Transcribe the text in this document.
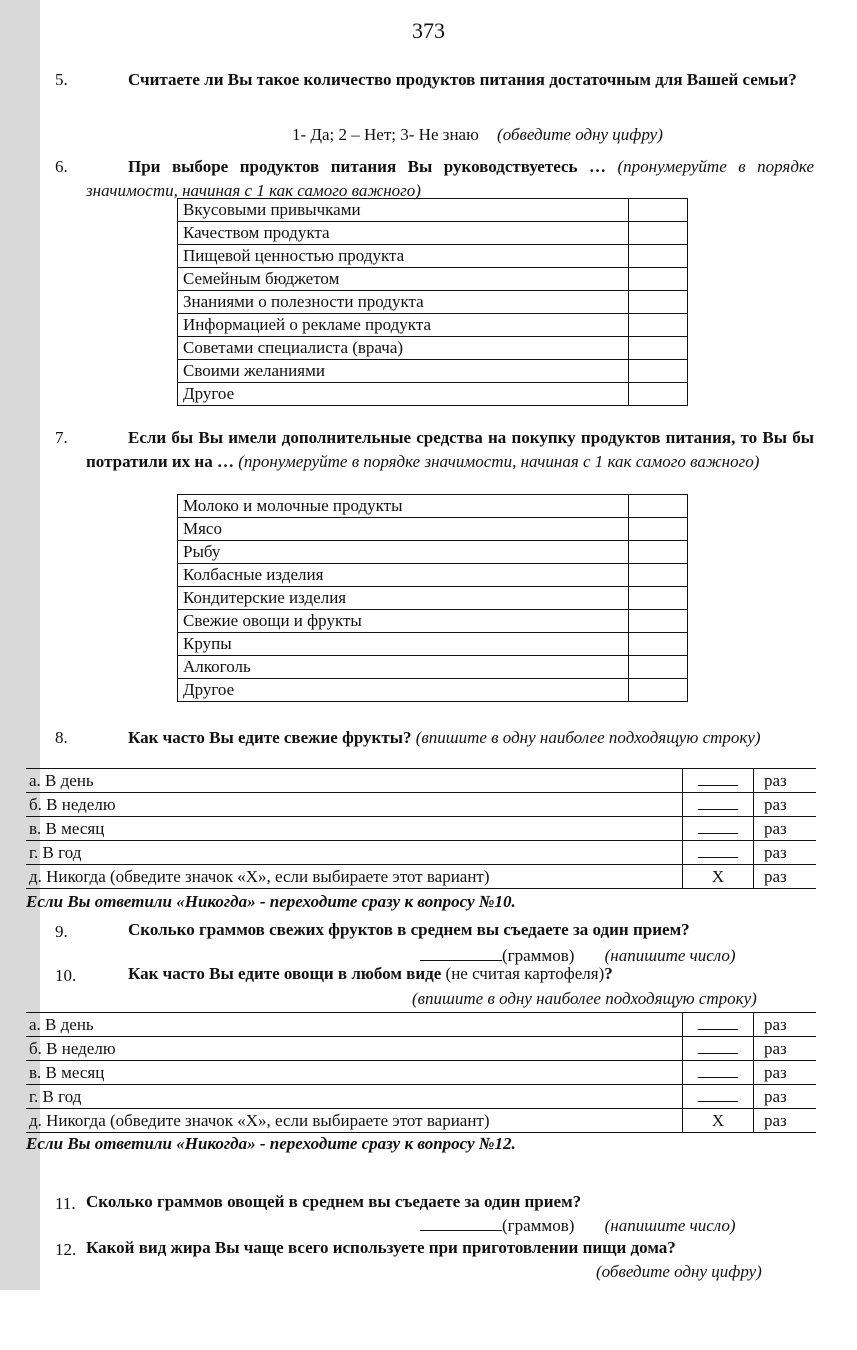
373
5.	Считаете ли Вы такое количество продуктов питания достаточным для Вашей семьи?
1- Да; 2 – Нет; 3- Не знаю (обведите одну цифру)
6.	При выборе продуктов питания Вы руководствуетесь … (пронумеруйте в порядке значимости, начиная с 1 как самого важного)
Вкусовыми привычками	
Качеством продукта	
Пищевой ценностью продукта	
Семейным бюджетом	
Знаниями о полезности продукта	
Информацией о рекламе продукта	
Советами специалиста (врача)	
Своими желаниями	
Другое	
7.	Если бы Вы имели дополнительные средства на покупку продуктов питания, то Вы бы потратили их на … (пронумеруйте в порядке значимости, начиная с 1 как самого важного)
Молоко и молочные продукты	
Мясо	
Рыбу	
Колбасные изделия	
Кондитерские изделия	
Свежие овощи и фрукты	
Крупы	
Алкоголь	
Другое	
8.	Как часто Вы едите свежие фрукты? (впишите в одну наиболее подходящую строку)
а. В день		раз
б. В неделю		раз
в. В месяц		раз
г. В год		раз
д. Никогда (обведите значок «Х», если выбираете этот вариант)	Х	раз
Если Вы ответили «Никогда» - переходите сразу к вопросу №10.
9.	Сколько граммов свежих фруктов в среднем вы съедаете за один прием?
(граммов) (напишите число)
10.	Как часто Вы едите овощи в любом виде (не считая картофеля)?
(впишите в одну наиболее подходящую строку)
а. В день		раз
б. В неделю		раз
в. В месяц		раз
г. В год		раз
д. Никогда (обведите значок «Х», если выбираете этот вариант)	Х	раз
Если Вы ответили «Никогда» - переходите сразу к вопросу №12.
11. Сколько граммов овощей в среднем вы съедаете за один прием?
(граммов) (напишите число)
12. Какой вид жира Вы чаще всего используете при приготовлении пищи дома?
(обведите одну цифру)
